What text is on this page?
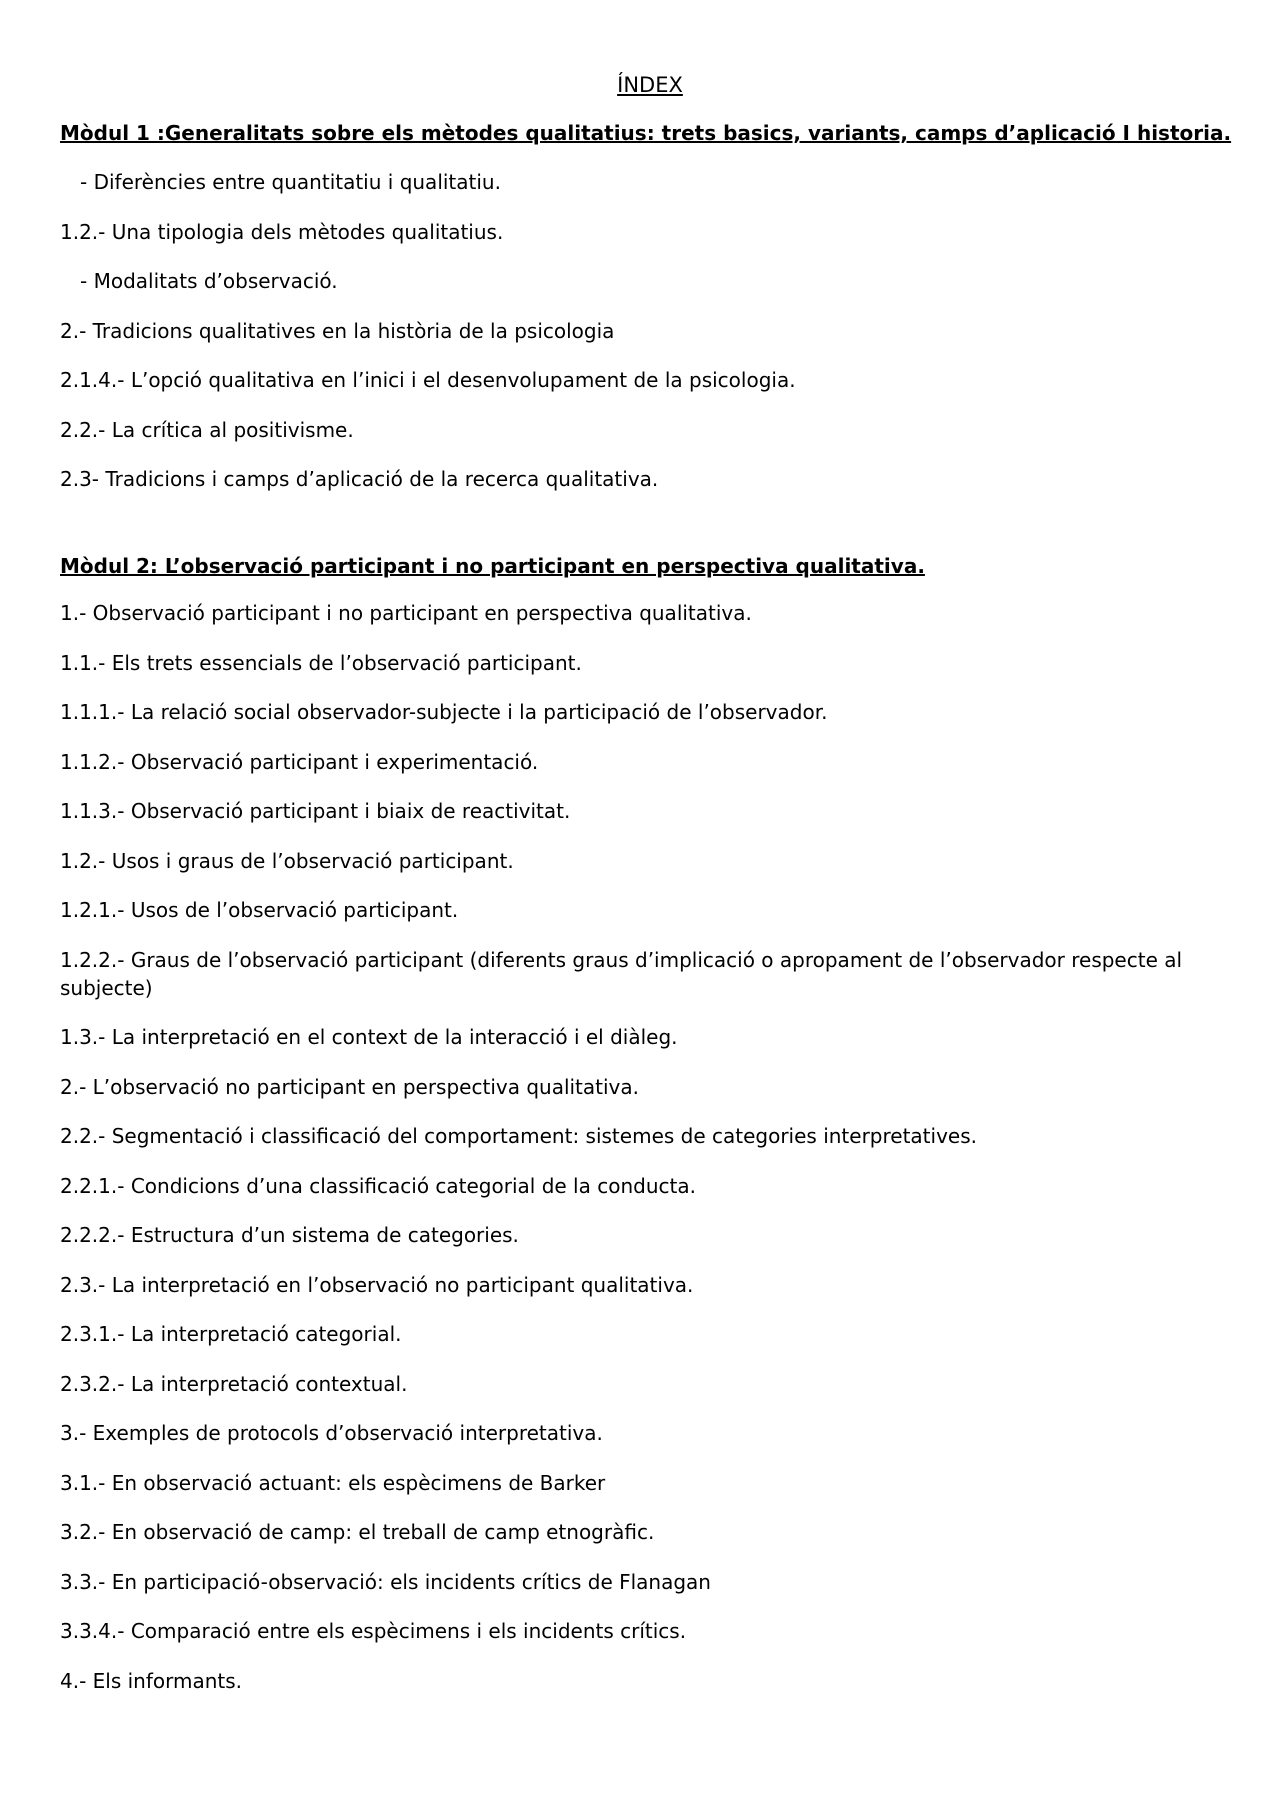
ÍNDEX
Mòdul 1 :Generalitats sobre els mètodes qualitatius: trets basics, variants, camps d’aplicació I historia.
- Diferències entre quantitatiu i qualitatiu.
1.2.- Una tipologia dels mètodes qualitatius.
- Modalitats d’observació.
2.- Tradicions qualitatives en la història de la psicologia
2.1.4.- L’opció qualitativa en l’inici i el desenvolupament de la psicologia.
2.2.- La crítica al positivisme.
2.3- Tradicions i camps d’aplicació de la recerca qualitativa.
Mòdul 2: L’observació participant i no participant en perspectiva qualitativa.
1.- Observació participant i no participant en perspectiva qualitativa.
1.1.- Els trets essencials de l’observació participant.
1.1.1.- La relació social observador-subjecte i la participació de l’observador.
1.1.2.- Observació participant i experimentació.
1.1.3.- Observació participant i biaix de reactivitat.
1.2.- Usos i graus de l’observació participant.
1.2.1.- Usos de l’observació participant.
1.2.2.- Graus de l’observació participant (diferents graus d’implicació o apropament de l’observador respecte al subjecte)
1.3.- La interpretació en el context de la interacció i el diàleg.
2.- L’observació no participant en perspectiva qualitativa.
2.2.- Segmentació i classificació del comportament: sistemes de categories interpretatives.
2.2.1.- Condicions d’una classificació categorial de la conducta.
2.2.2.- Estructura d’un sistema de categories.
2.3.- La interpretació en l’observació no participant qualitativa.
2.3.1.- La interpretació categorial.
2.3.2.- La interpretació contextual.
3.- Exemples de protocols d’observació interpretativa.
3.1.- En observació actuant: els espècimens de Barker
3.2.- En observació de camp: el treball de camp etnogràfic.
3.3.- En participació-observació: els incidents crítics de Flanagan
3.3.4.- Comparació entre els espècimens i els incidents crítics.
4.- Els informants.
